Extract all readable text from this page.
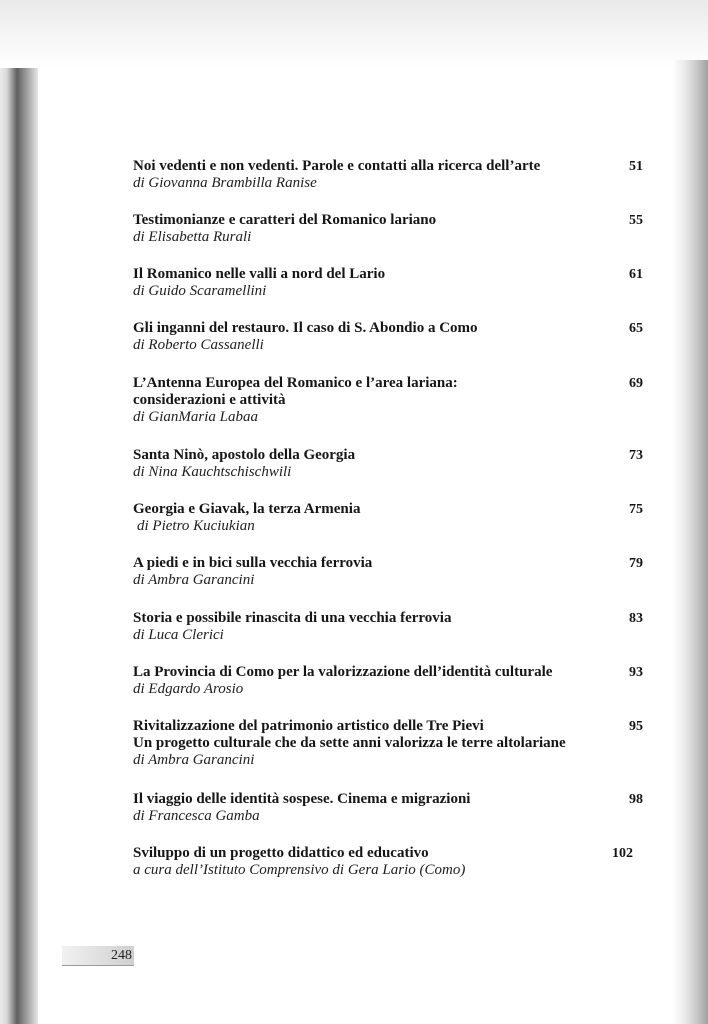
Noi vedenti e non vedenti. Parole e contatti alla ricerca dell’arte
di Giovanna Brambilla Ranise
51
Testimonianze e caratteri del Romanico lariano
di Elisabetta Rurali
55
Il Romanico nelle valli a nord del Lario
di Guido Scaramellini
61
Gli inganni del restauro. Il caso di S. Abondio a Como
di Roberto Cassanelli
65
L’Antenna Europea del Romanico e l’area lariana:
considerazioni e attività
di GianMaria Labaa
69
Santa Ninò, apostolo della Georgia
di Nina Kauchtschischwili
73
Georgia e Giavak, la terza Armenia
di Pietro Kuciukian
75
A piedi e in bici sulla vecchia ferrovia
di Ambra Garancini
79
Storia e possibile rinascita di una vecchia ferrovia
di Luca Clerici
83
La Provincia di Como per la valorizzazione dell’identità culturale
di Edgardo Arosio
93
Rivitalizzazione del patrimonio artistico delle Tre Pievi
Un progetto culturale che da sette anni valorizza le terre altolariane
di Ambra Garancini
95
Il viaggio delle identità sospese. Cinema e migrazioni
di Francesca Gamba
98
Sviluppo di un progetto didattico ed educativo
a cura dell’Istituto Comprensivo di Gera Lario (Como)
102
248
